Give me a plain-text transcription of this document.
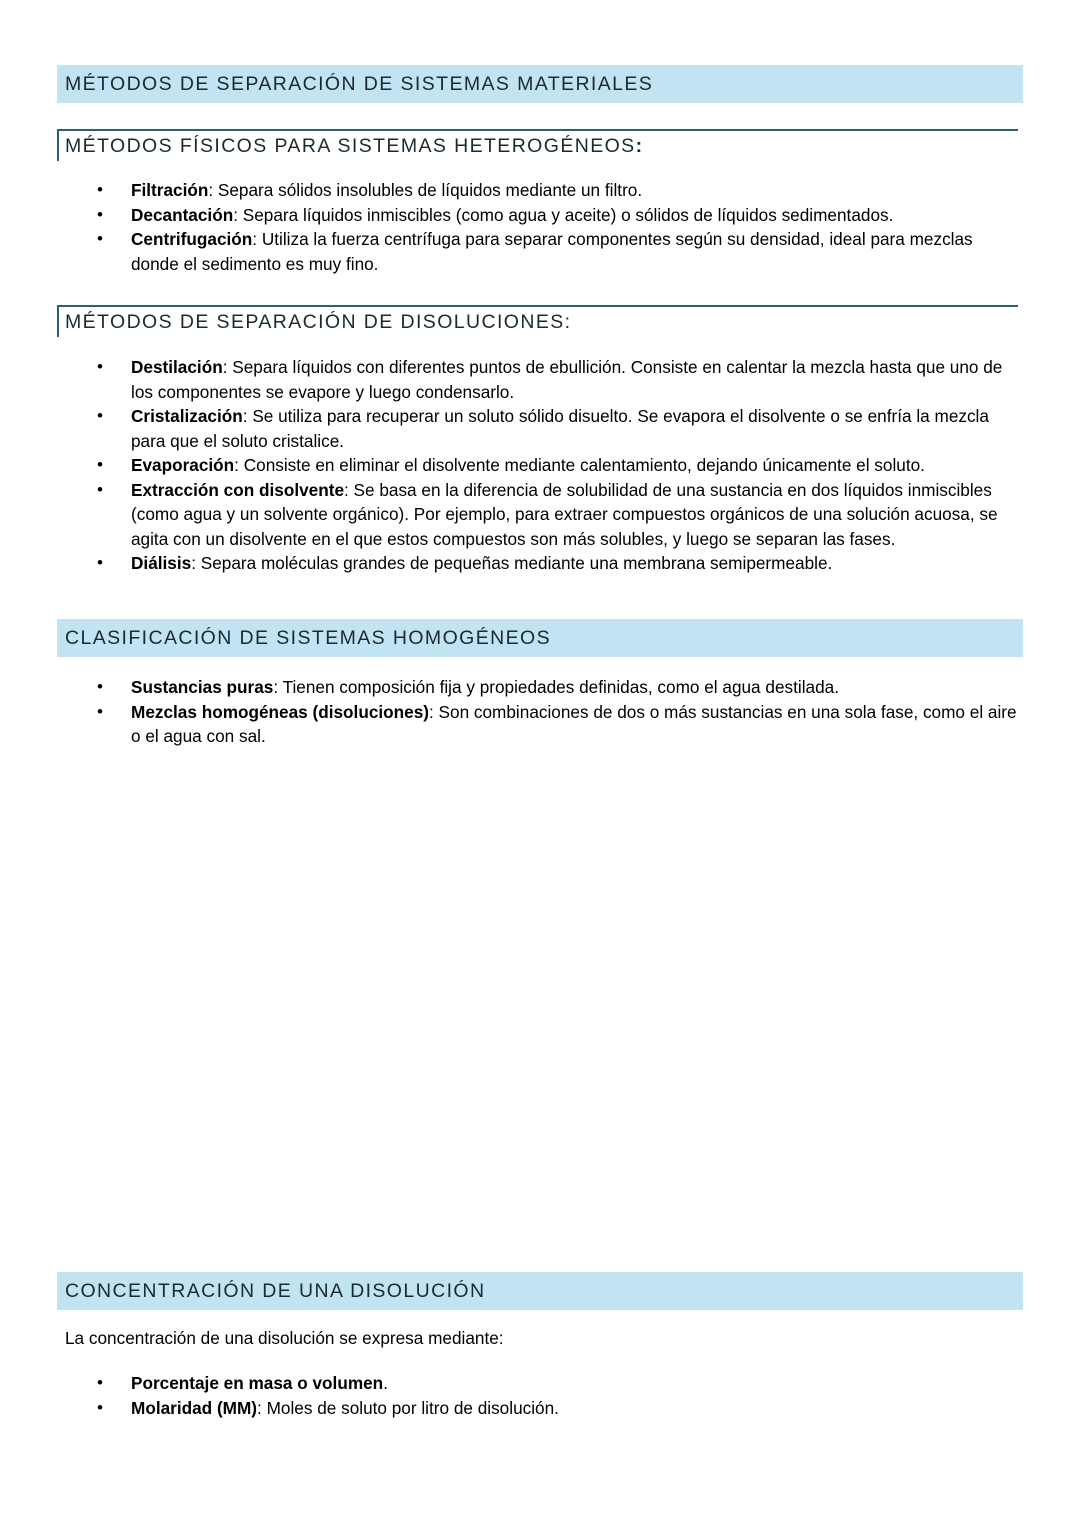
MÉTODOS DE SEPARACIÓN DE SISTEMAS MATERIALES
MÉTODOS FÍSICOS PARA SISTEMAS HETEROGÉNEOS:
• Filtración: Separa sólidos insolubles de líquidos mediante un filtro.
• Decantación: Separa líquidos inmiscibles (como agua y aceite) o sólidos de líquidos sedimentados.
• Centrifugación: Utiliza la fuerza centrífuga para separar componentes según su densidad, ideal para mezclas donde el sedimento es muy fino.
MÉTODOS DE SEPARACIÓN DE DISOLUCIONES:
• Destilación: Separa líquidos con diferentes puntos de ebullición. Consiste en calentar la mezcla hasta que uno de los componentes se evapore y luego condensarlo.
• Cristalización: Se utiliza para recuperar un soluto sólido disuelto. Se evapora el disolvente o se enfría la mezcla para que el soluto cristalice.
• Evaporación: Consiste en eliminar el disolvente mediante calentamiento, dejando únicamente el soluto.
• Extracción con disolvente: Se basa en la diferencia de solubilidad de una sustancia en dos líquidos inmiscibles (como agua y un solvente orgánico). Por ejemplo, para extraer compuestos orgánicos de una solución acuosa, se agita con un disolvente en el que estos compuestos son más solubles, y luego se separan las fases.
• Diálisis: Separa moléculas grandes de pequeñas mediante una membrana semipermeable.
CLASIFICACIÓN DE SISTEMAS HOMOGÉNEOS
• Sustancias puras: Tienen composición fija y propiedades definidas, como el agua destilada.
• Mezclas homogéneas (disoluciones): Son combinaciones de dos o más sustancias en una sola fase, como el aire o el agua con sal.
CONCENTRACIÓN DE UNA DISOLUCIÓN
La concentración de una disolución se expresa mediante:
• Porcentaje en masa o volumen.
• Molaridad (MM): Moles de soluto por litro de disolución.
